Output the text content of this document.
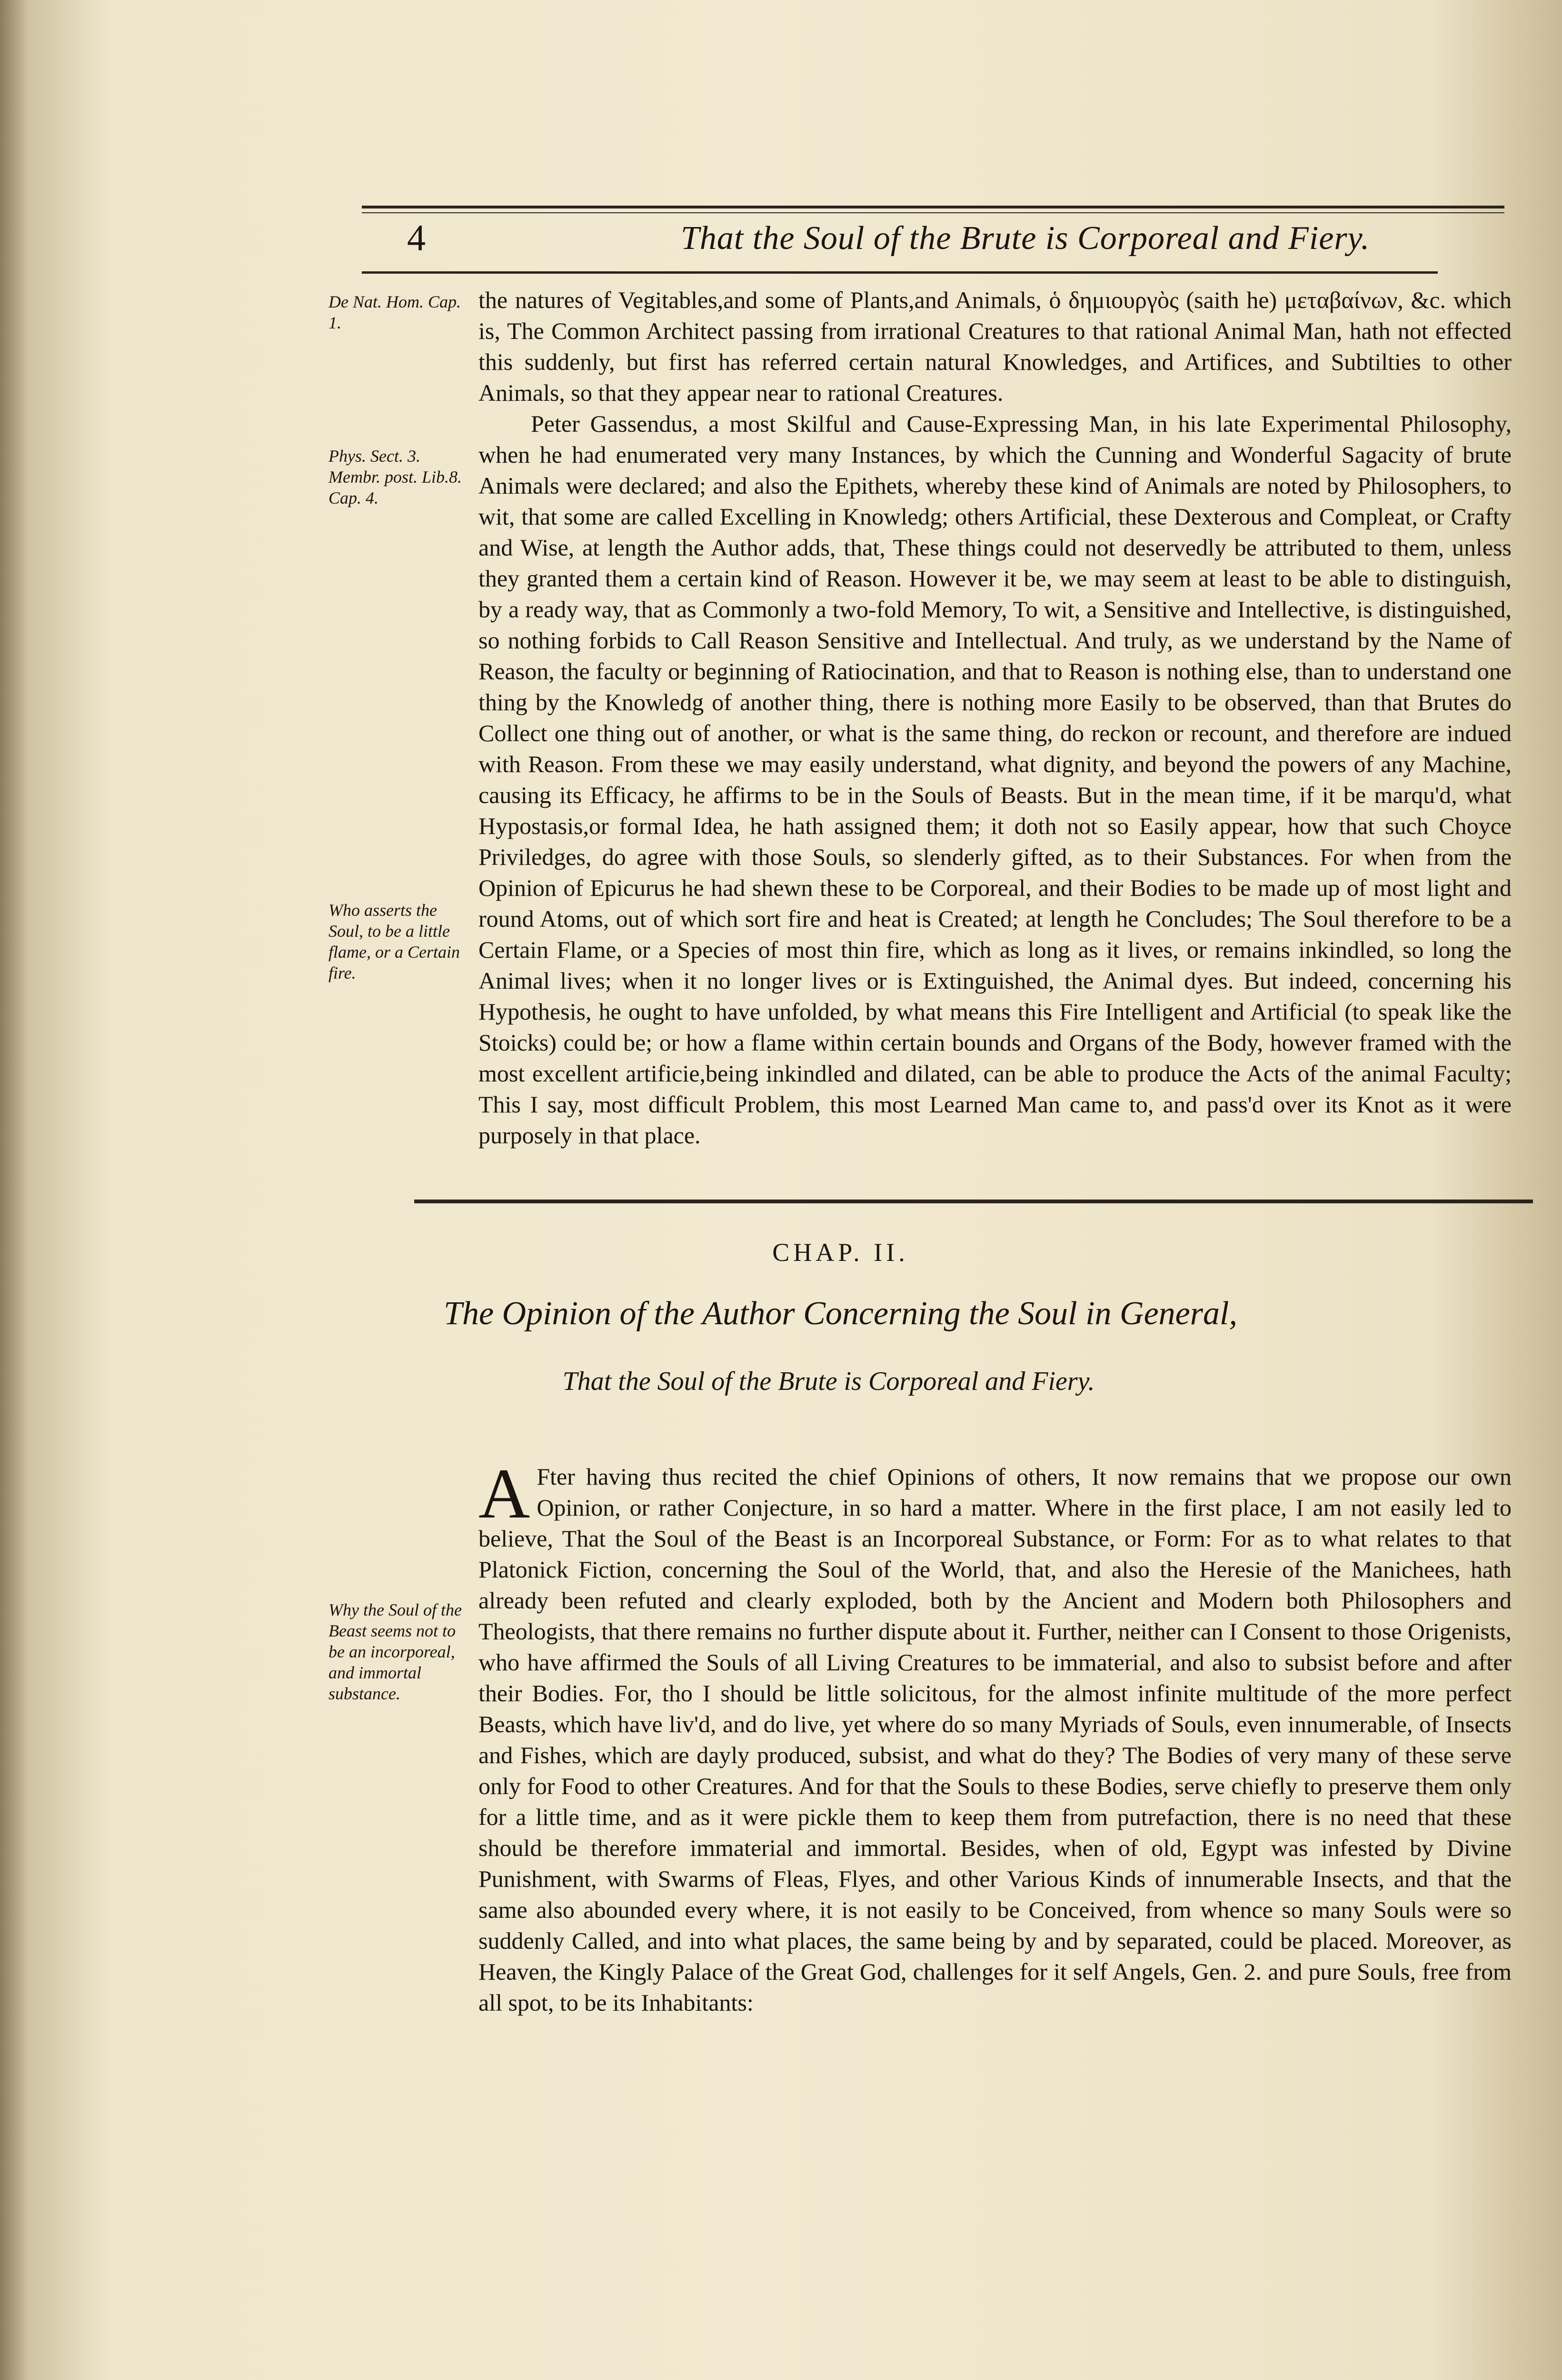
4	That the Soul of the Brute is Corporeal and Fiery.
De Nat. Hom. Cap. 1.
Phys. Sect. 3. Membr. post. Lib.8. Cap. 4.
Who asserts the Soul, to be a little flame, or a Certain fire.
Why the Soul of the Beast seems not to be an incorporeal, and immortal substance.

the natures of Vegitables,and some of Plants,and Animals, ὁ δημιουργὸς (saith he) μεταβαίνων, &c. which is, The Common Architect passing from irrational Creatures to that rational Animal Man, hath not effected this suddenly, but first has referred certain natural Knowledges, and Artifices, and Subtilties to other Animals, so that they appear near to rational Creatures.

Peter Gassendus, a most Skilful and Cause-Expressing Man, in his late Experimental Philosophy, when he had enumerated very many Instances, by which the Cunning and Wonderful Sagacity of brute Animals were declared; and also the Epithets, whereby these kind of Animals are noted by Philosophers, to wit, that some are called Excelling in Knowledg; others Artificial, these Dexterous and Compleat, or Crafty and Wise, at length the Author adds, that, These things could not deservedly be attributed to them, unless they granted them a certain kind of Reason. However it be, we may seem at least to be able to distinguish, by a ready way, that as Commonly a two-fold Memory, To wit, a Sensitive and Intellective, is distinguished, so nothing forbids to Call Reason Sensitive and Intellectual. And truly, as we understand by the Name of Reason, the faculty or beginning of Ratiocination, and that to Reason is nothing else, than to understand one thing by the Knowledg of another thing, there is nothing more Easily to be observed, than that Brutes do Collect one thing out of another, or what is the same thing, do reckon or recount, and therefore are indued with Reason. From these we may easily understand, what dignity, and beyond the powers of any Machine, causing its Efficacy, he affirms to be in the Souls of Beasts. But in the mean time, if it be marqu'd, what Hypostasis,or formal Idea, he hath assigned them; it doth not so Easily appear, how that such Choyce Priviledges, do agree with those Souls, so slenderly gifted, as to their Substances. For when from the Opinion of Epicurus he had shewn these to be Corporeal, and their Bodies to be made up of most light and round Atoms, out of which sort fire and heat is Created; at length he Concludes; The Soul therefore to be a Certain Flame, or a Species of most thin fire, which as long as it lives, or remains inkindled, so long the Animal lives; when it no longer lives or is Extinguished, the Animal dyes. But indeed, concerning his Hypothesis, he ought to have unfolded, by what means this Fire Intelligent and Artificial (to speak like the Stoicks) could be; or how a flame within certain bounds and Organs of the Body, however framed with the most excellent artificie,being inkindled and dilated, can be able to produce the Acts of the animal Faculty; This I say, most difficult Problem, this most Learned Man came to, and pass'd over its Knot as it were purposely in that place.

CHAP. II.
The Opinion of the Author Concerning the Soul in General,
That the Soul of the Brute is Corporeal and Fiery.
A Fter having thus recited the chief Opinions of others, It now remains that we propose our own Opinion, or rather Conjecture, in so hard a matter. Where in the first place, I am not easily led to believe, That the Soul of the Beast is an Incorporeal Substance, or Form: For as to what relates to that Platonick Fiction, concerning the Soul of the World, that, and also the Heresie of the Manichees, hath already been refuted and clearly exploded, both by the Ancient and Modern both Philosophers and Theologists, that there remains no further dispute about it. Further, neither can I Consent to those Origenists, who have affirmed the Souls of all Living Creatures to be immaterial, and also to subsist before and after their Bodies. For, tho I should be little solicitous, for the almost infinite multitude of the more perfect Beasts, which have liv'd, and do live, yet where do so many Myriads of Souls, even innumerable, of Insects and Fishes, which are dayly produced, subsist, and what do they? The Bodies of very many of these serve only for Food to other Creatures. And for that the Souls to these Bodies, serve chiefly to preserve them only for a little time, and as it were pickle them to keep them from putrefaction, there is no need that these should be therefore immaterial and immortal. Besides, when of old, Egypt was infested by Divine Punishment, with Swarms of Fleas, Flyes, and other Various Kinds of innumerable Insects, and that the same also abounded every where, it is not easily to be Conceived, from whence so many Souls were so suddenly Called, and into what places, the same being by and by separated, could be placed. Moreover, as Heaven, the Kingly Palace of the Great God, challenges for it self Angels, Gen. 2. and pure Souls, free from all spot, to be its Inhabitants:
